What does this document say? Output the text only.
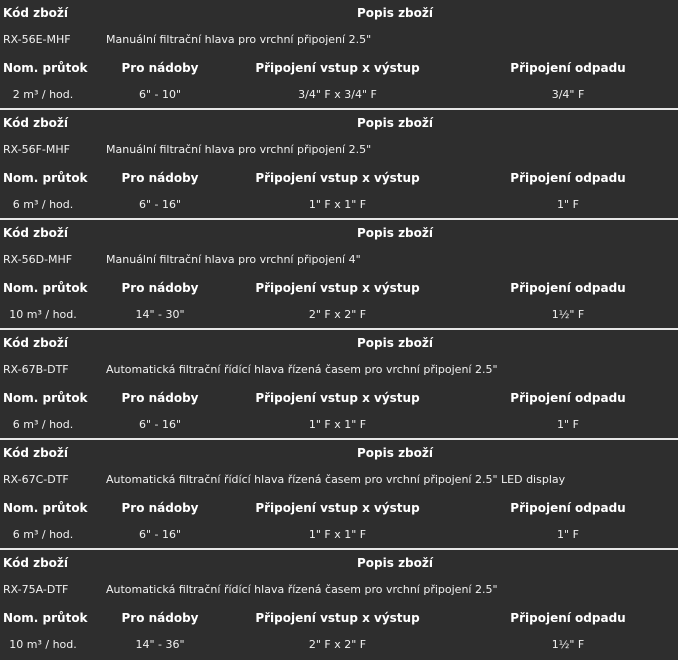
Kód zboží	Popis zboží
RX-56E-MHF	Manuální filtrační hlava pro vrchní připojení 2.5"
Nom. průtok	Pro nádoby	Připojení vstup x výstup	Připojení odpadu
2 m³ / hod.	6" - 10"	3/4" F x 3/4" F	3/4" F
Kód zboží	Popis zboží
RX-56F-MHF	Manuální filtrační hlava pro vrchní připojení 2.5"
Nom. průtok	Pro nádoby	Připojení vstup x výstup	Připojení odpadu
6 m³ / hod.	6" - 16"	1" F x 1" F	1" F
Kód zboží	Popis zboží
RX-56D-MHF	Manuální filtrační hlava pro vrchní připojení 4"
Nom. průtok	Pro nádoby	Připojení vstup x výstup	Připojení odpadu
10 m³ / hod.	14" - 30"	2" F x 2" F	1½" F
Kód zboží	Popis zboží
RX-67B-DTF	Automatická filtrační řídící hlava řízená časem pro vrchní připojení 2.5"
Nom. průtok	Pro nádoby	Připojení vstup x výstup	Připojení odpadu
6 m³ / hod.	6" - 16"	1" F x 1" F	1" F
Kód zboží	Popis zboží
RX-67C-DTF	Automatická filtrační řídící hlava řízená časem pro vrchní připojení 2.5" LED display
Nom. průtok	Pro nádoby	Připojení vstup x výstup	Připojení odpadu
6 m³ / hod.	6" - 16"	1" F x 1" F	1" F
Kód zboží	Popis zboží
RX-75A-DTF	Automatická filtrační řídící hlava řízená časem pro vrchní připojení 2.5"
Nom. průtok	Pro nádoby	Připojení vstup x výstup	Připojení odpadu
10 m³ / hod.	14" - 36"	2" F x 2" F	1½" F
